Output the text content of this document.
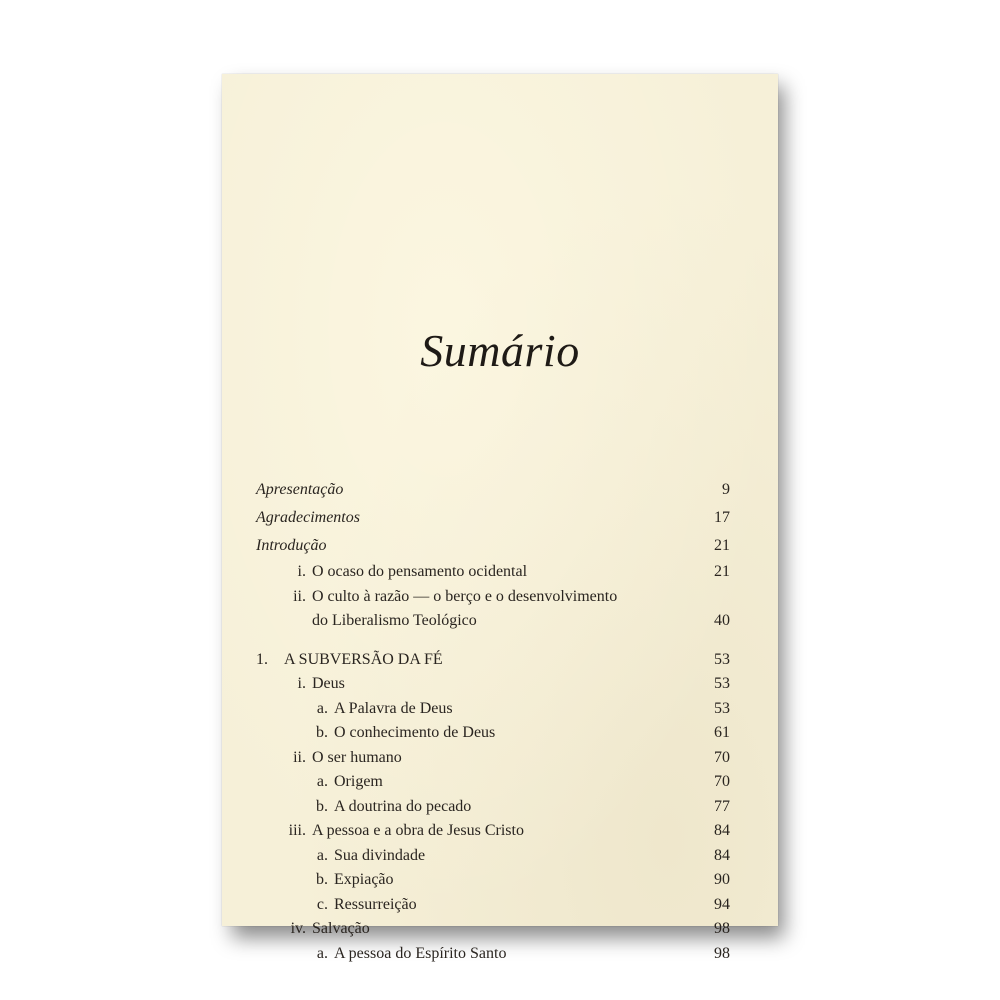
Sumário
Apresentação	9
Agradecimentos	17
Introdução	21
i. O ocaso do pensamento ocidental	21
ii. O culto à razão — o berço e o desenvolvimento
do Liberalismo Teológico	40
1.	A SUBVERSÃO DA FÉ	53
i. Deus	53
a. A Palavra de Deus	53
b. O conhecimento de Deus	61
ii. O ser humano	70
a. Origem	70
b. A doutrina do pecado	77
iii. A pessoa e a obra de Jesus Cristo	84
a. Sua divindade	84
b. Expiação	90
c. Ressurreição	94
iv. Salvação	98
a. A pessoa do Espírito Santo	98
